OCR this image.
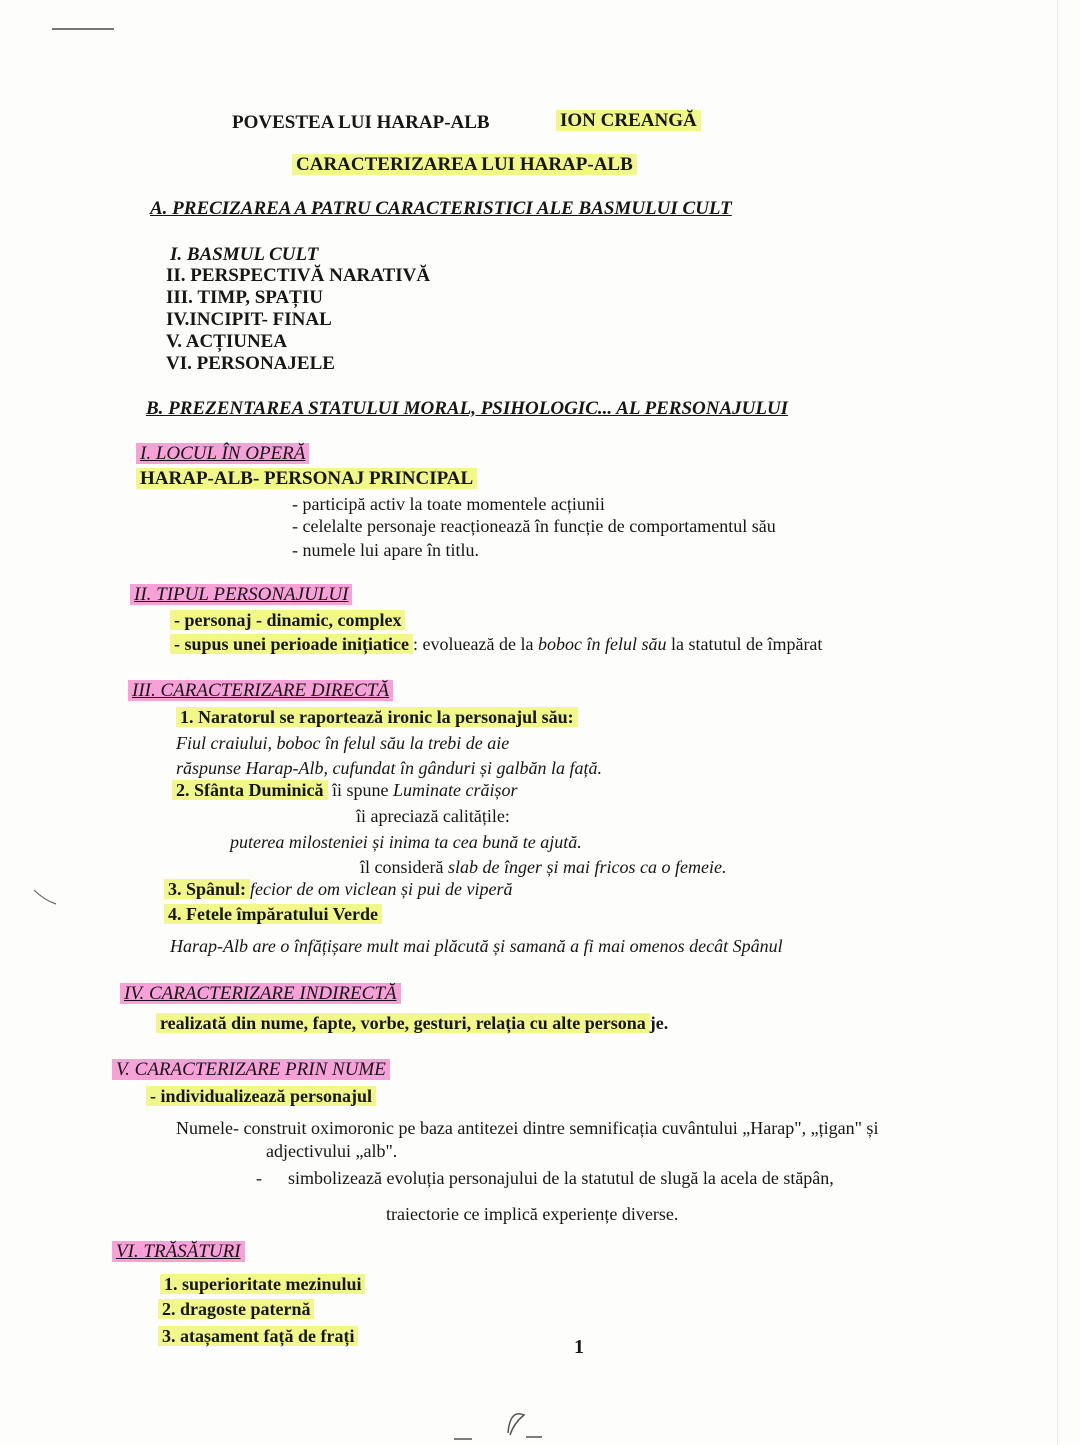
POVESTEA LUI HARAP-ALB	ION CREANGĂ
CARACTERIZAREA LUI HARAP-ALB
A. PRECIZAREA A PATRU CARACTERISTICI ALE BASMULUI CULT
I. BASMUL CULT
II. PERSPECTIVĂ NARATIVĂ
III. TIMP, SPAȚIU
IV.INCIPIT- FINAL
V. ACȚIUNEA
VI. PERSONAJELE
B. PREZENTAREA STATULUI MORAL, PSIHOLOGIC... AL PERSONAJULUI
I. LOCUL ÎN OPERĂ
HARAP-ALB- PERSONAJ PRINCIPAL
- participă activ la toate momentele acțiunii
- celelalte personaje reacționează în funcție de comportamentul său
- numele lui apare în titlu.
II. TIPUL PERSONAJULUI
- personaj - dinamic, complex
- supus unei perioade inițiatice : evoluează de la boboc în felul său la statutul de împărat
III. CARACTERIZARE DIRECTĂ
1. Naratorul se raportează ironic la personajul său:
Fiul craiului, boboc în felul său la trebi de aie
răspunse Harap-Alb, cufundat în gânduri și galbăn la față.
2. Sfânta Duminică îi spune Luminate crăișor
îi apreciază calitățile:
puterea milosteniei și inima ta cea bună te ajută.
îl consideră slab de înger și mai fricos ca o femeie.
3. Spânul: fecior de om viclean și pui de viperă
4. Fetele împăratului Verde
Harap-Alb are o înfățișare mult mai plăcută și samană a fi mai omenos decât Spânul
IV. CARACTERIZARE INDIRECTĂ
realizată din nume, fapte, vorbe, gesturi, relația cu alte persona je.
V. CARACTERIZARE PRIN NUME
- individualizează personajul
Numele- construit oximoronic pe baza antitezei dintre semnificația cuvântului „Harap", „țigan" și
adjectivului „alb".
- simbolizează evoluția personajului de la statutul de slugă la acela de stăpân,
traiectorie ce implică experiențe diverse.
VI. TRĂSĂTURI
1. superioritate mezinului
2. dragoste paternă
3. atașament față de frați	1
